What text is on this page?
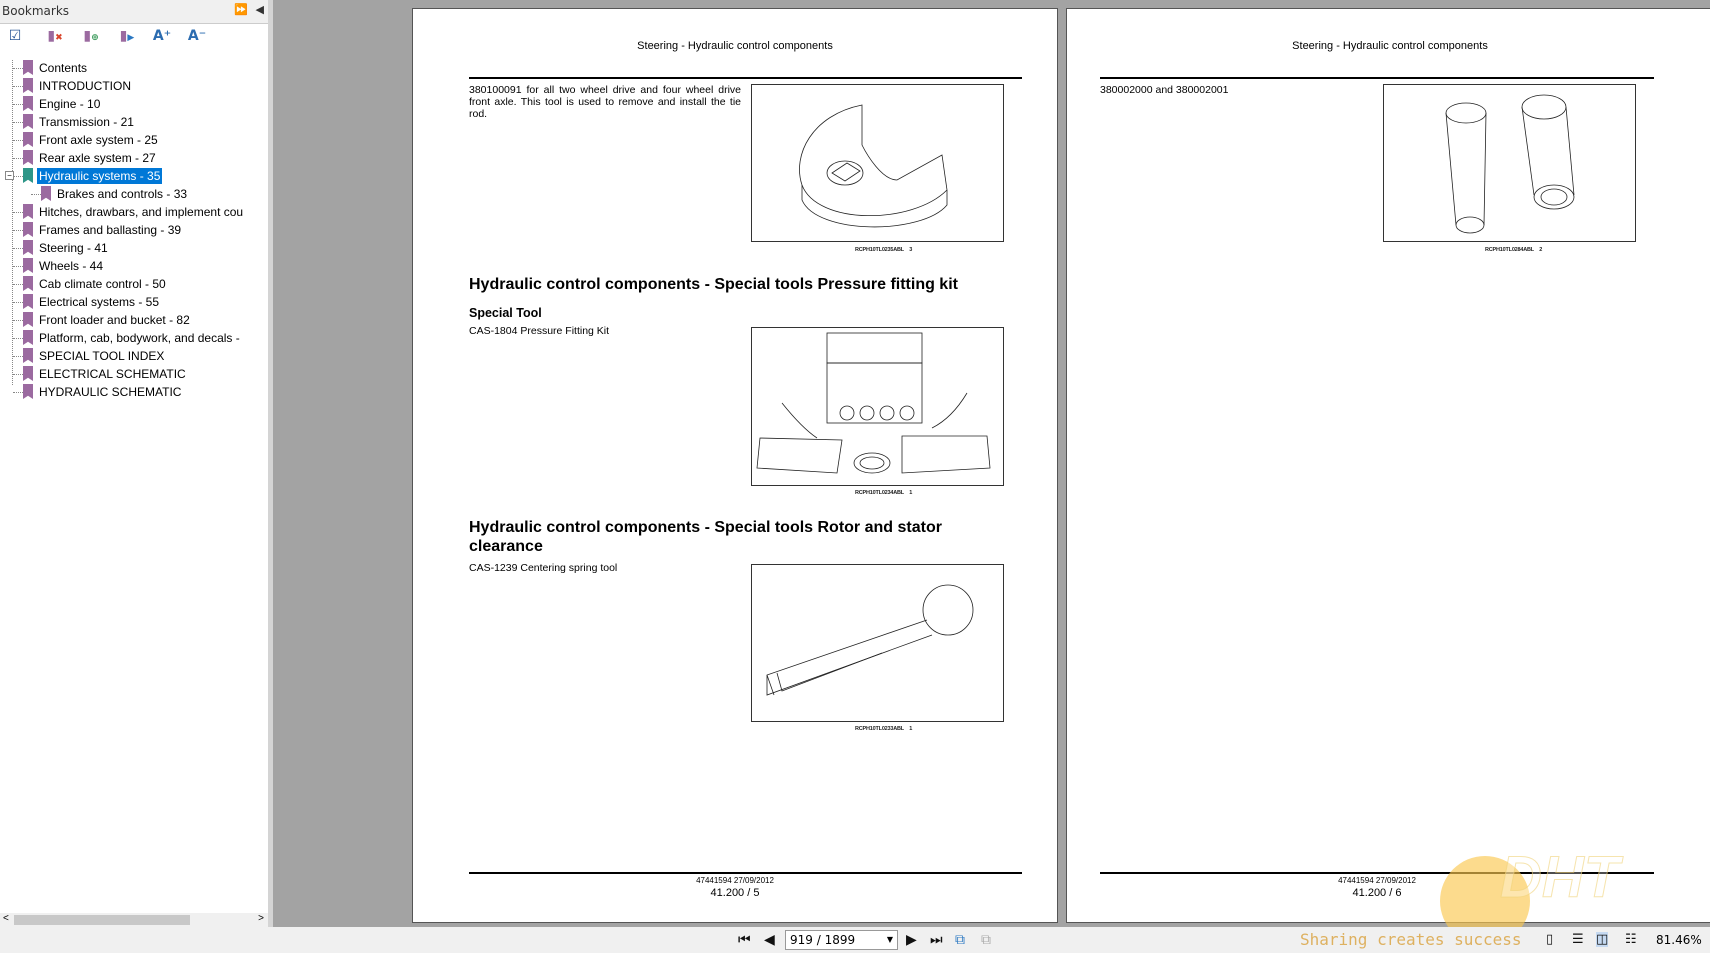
Bookmarks	⏩ ◀
☑	▮✖ ▮⊕ ▮▶ A⁺ A⁻
Contents
INTRODUCTION
Engine - 10
Transmission - 21
Front axle system - 25
Rear axle system - 27
− Hydraulic systems - 35
Brakes and controls - 33
Hitches, drawbars, and implement cou
Frames and ballasting - 39
Steering - 41
Wheels - 44
Cab climate control - 50
Electrical systems - 55
Front loader and bucket - 82
Platform, cab, bodywork, and decals -
SPECIAL TOOL INDEX
ELECTRICAL SCHEMATIC
HYDRAULIC SCHEMATIC
<	>
Steering - Hydraulic control components
380100091 for all two wheel drive and four wheel drive front axle. This tool is used to remove and install the tie rod.
RCPH10TL0235ABL 3
Hydraulic control components - Special tools Pressure fitting kit
Special Tool
CAS-1804 Pressure Fitting Kit
RCPH10TL0234ABL 1
Hydraulic control components - Special tools Rotor and stator clearance
CAS-1239 Centering spring tool
RCPH10TL0233ABL 1
47441594 27/09/2012
41.200 / 5
Steering - Hydraulic control components
380002000 and 380002001
RCPH10TL0284ABL 2
47441594 27/09/2012
41.200 / 6	DHT
⏮ ◀	919 / 1899	▼ ▶ ⏭ ⧉ ⧉	Sharing creates success ▯ ☰ ◫ ☷ 81.46%
